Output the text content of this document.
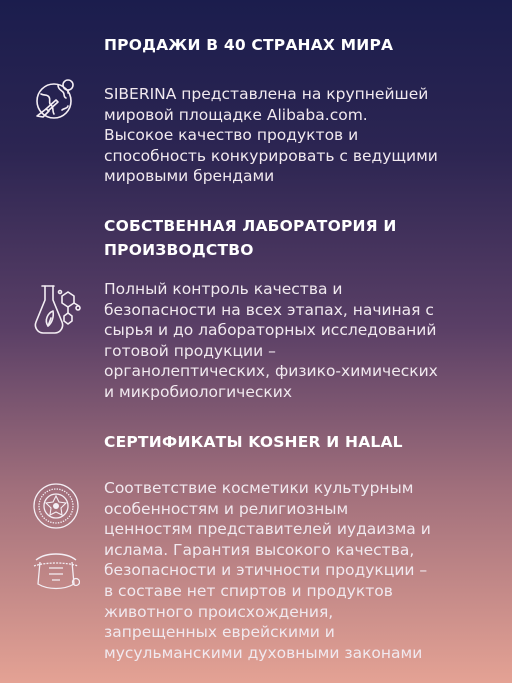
ПРОДАЖИ В 40 СТРАНАХ МИРА
SIBERINA представлена на крупнейшей
мировой площадке Alibaba.com.
Высокое качество продуктов и
способность конкурировать с ведущими
мировыми брендами
СОБСТВЕННАЯ ЛАБОРАТОРИЯ И
ПРОИЗВОДСТВО
Полный контроль качества и
безопасности на всех этапах, начиная с
сырья и до лабораторных исследований
готовой продукции –
органолептических, физико-химических
и микробиологических
СЕРТИФИКАТЫ KOSHER И HALAL
Соответствие косметики культурным
особенностям и религиозным
ценностям представителей иудаизма и
ислама. Гарантия высокого качества,
безопасности и этичности продукции –
в составе нет спиртов и продуктов
животного происхождения,
запрещенных еврейскими и
мусульманскими духовными законами
